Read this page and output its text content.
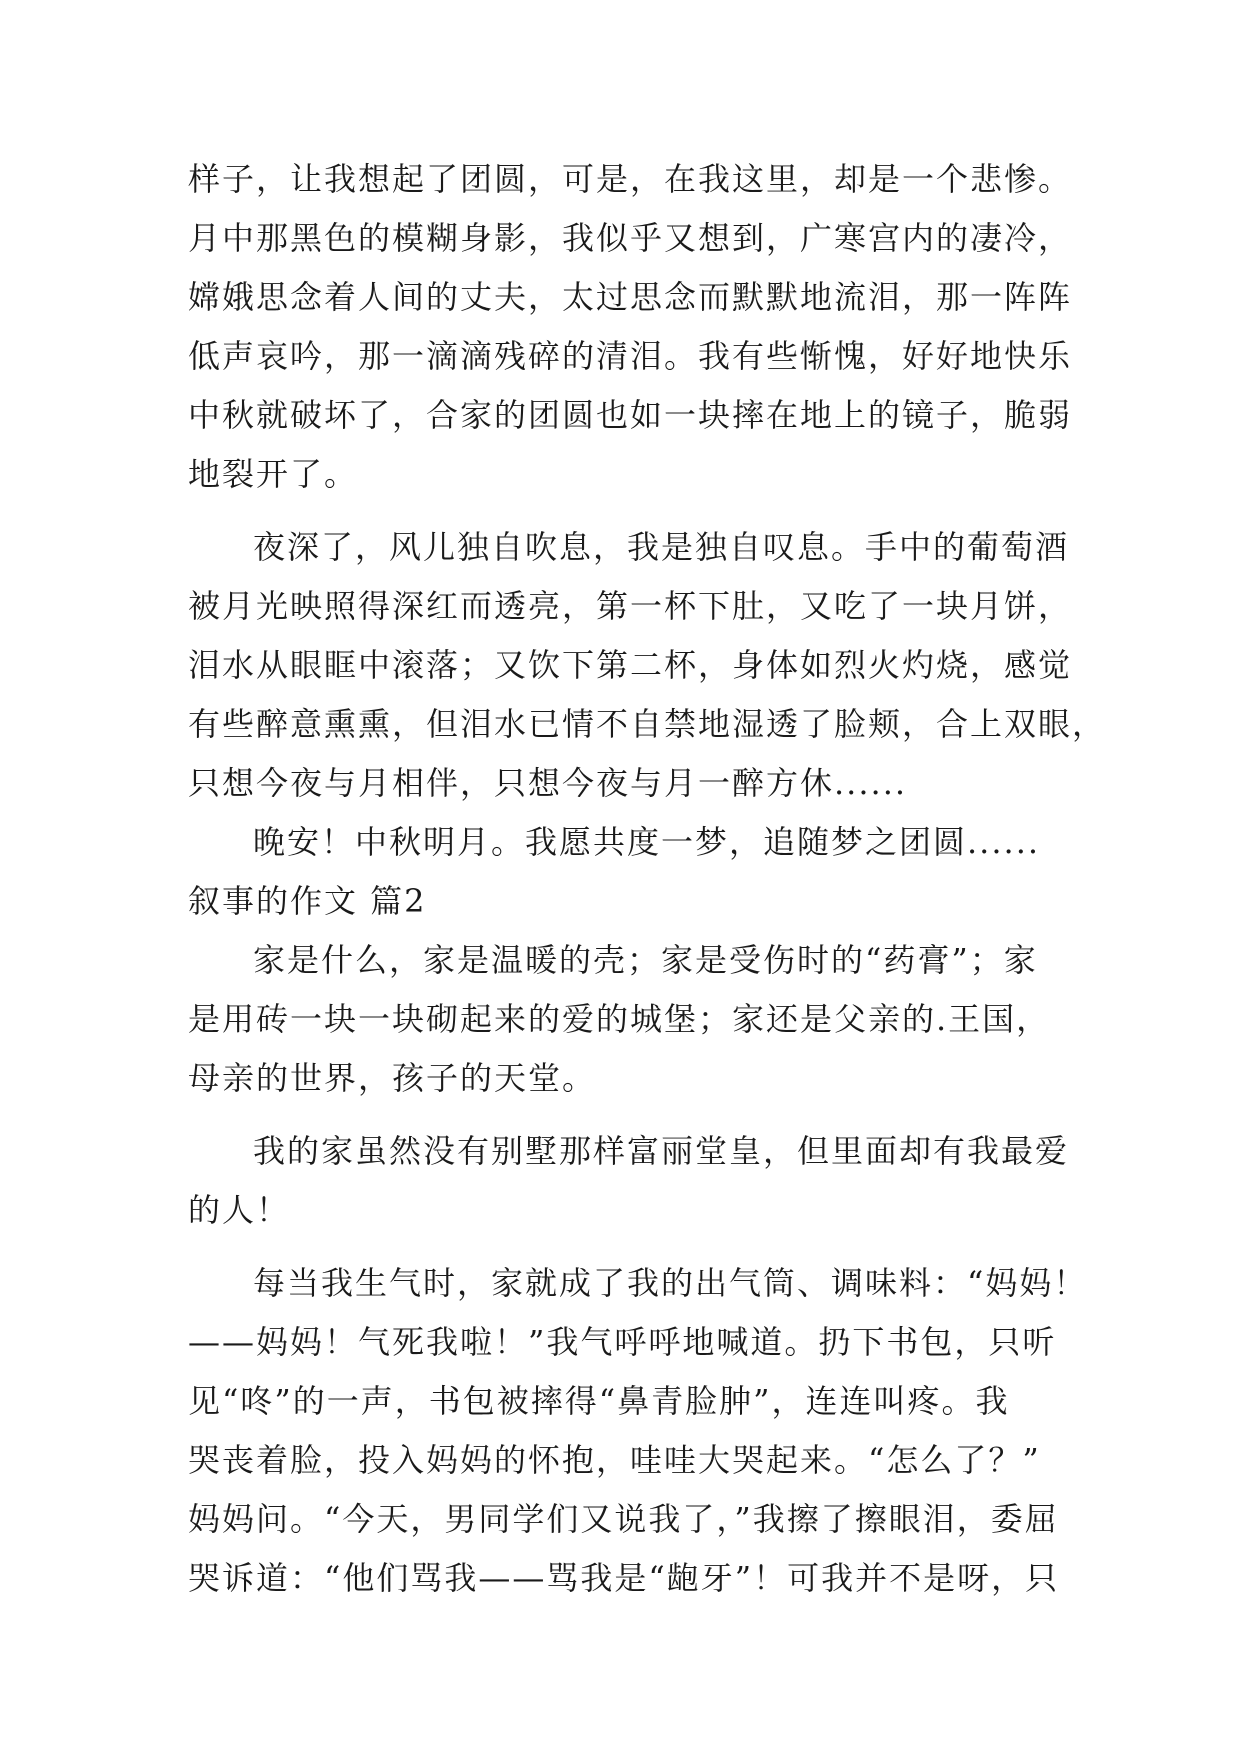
样子，让我想起了团圆，可是，在我这里，却是一个悲惨。
月中那黑色的模糊身影，我似乎又想到，广寒宫内的凄冷，
嫦娥思念着人间的丈夫，太过思念而默默地流泪，那一阵阵
低声哀吟，那一滴滴残碎的清泪。我有些惭愧，好好地快乐
中秋就破坏了，合家的团圆也如一块摔在地上的镜子，脆弱
地裂开了。
夜深了，风儿独自吹息，我是独自叹息。手中的葡萄酒
被月光映照得深红而透亮，第一杯下肚，又吃了一块月饼，
泪水从眼眶中滚落；又饮下第二杯，身体如烈火灼烧，感觉
有些醉意熏熏，但泪水已情不自禁地湿透了脸颊，合上双眼，
只想今夜与月相伴，只想今夜与月一醉方休......
晚安！中秋明月。我愿共度一梦，追随梦之团圆......
叙事的作文 篇2
家是什么，家是温暖的壳；家是受伤时的“药膏”；家
是用砖一块一块砌起来的爱的城堡；家还是父亲的.王国，
母亲的世界，孩子的天堂。
我的家虽然没有别墅那样富丽堂皇，但里面却有我最爱
的人！
每当我生气时，家就成了我的出气筒、调味料：“妈妈！
——妈妈！气死我啦！”我气呼呼地喊道。扔下书包，只听
见“咚”的一声，书包被摔得“鼻青脸肿”，连连叫疼。我
哭丧着脸，投入妈妈的怀抱，哇哇大哭起来。“怎么了？”
妈妈问。“今天，男同学们又说我了，”我擦了擦眼泪，委屈
哭诉道：“他们骂我——骂我是“龅牙”！可我并不是呀，只
